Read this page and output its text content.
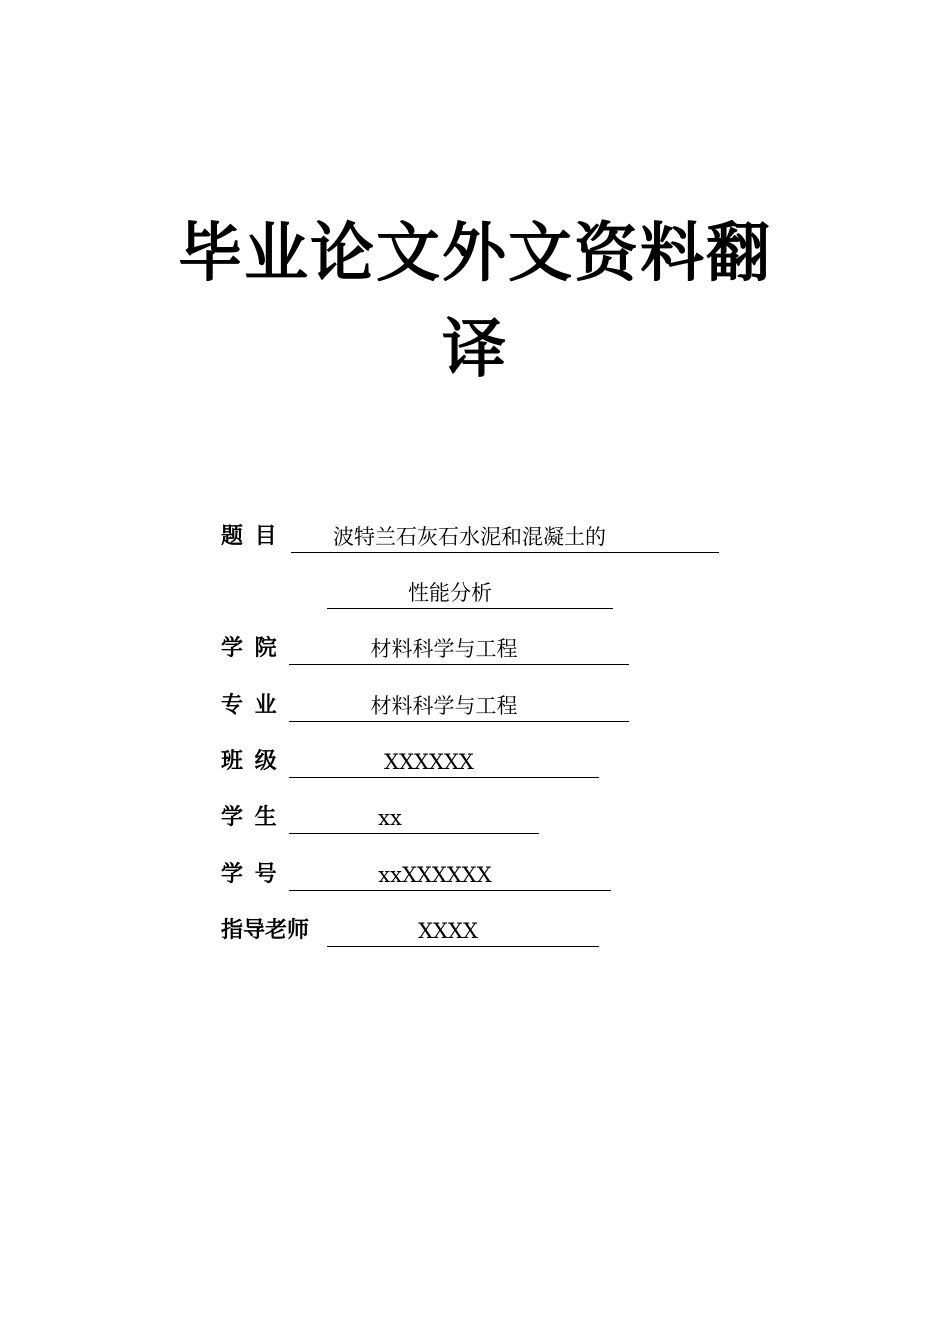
毕业论文外文资料翻
译
题 目	波特兰石灰石水泥和混凝土的
性能分析
学 院	材料科学与工程
专 业	材料科学与工程
班 级	XXXXXX
学 生	xx
学 号	xxXXXXXX
指导老师	XXXX
